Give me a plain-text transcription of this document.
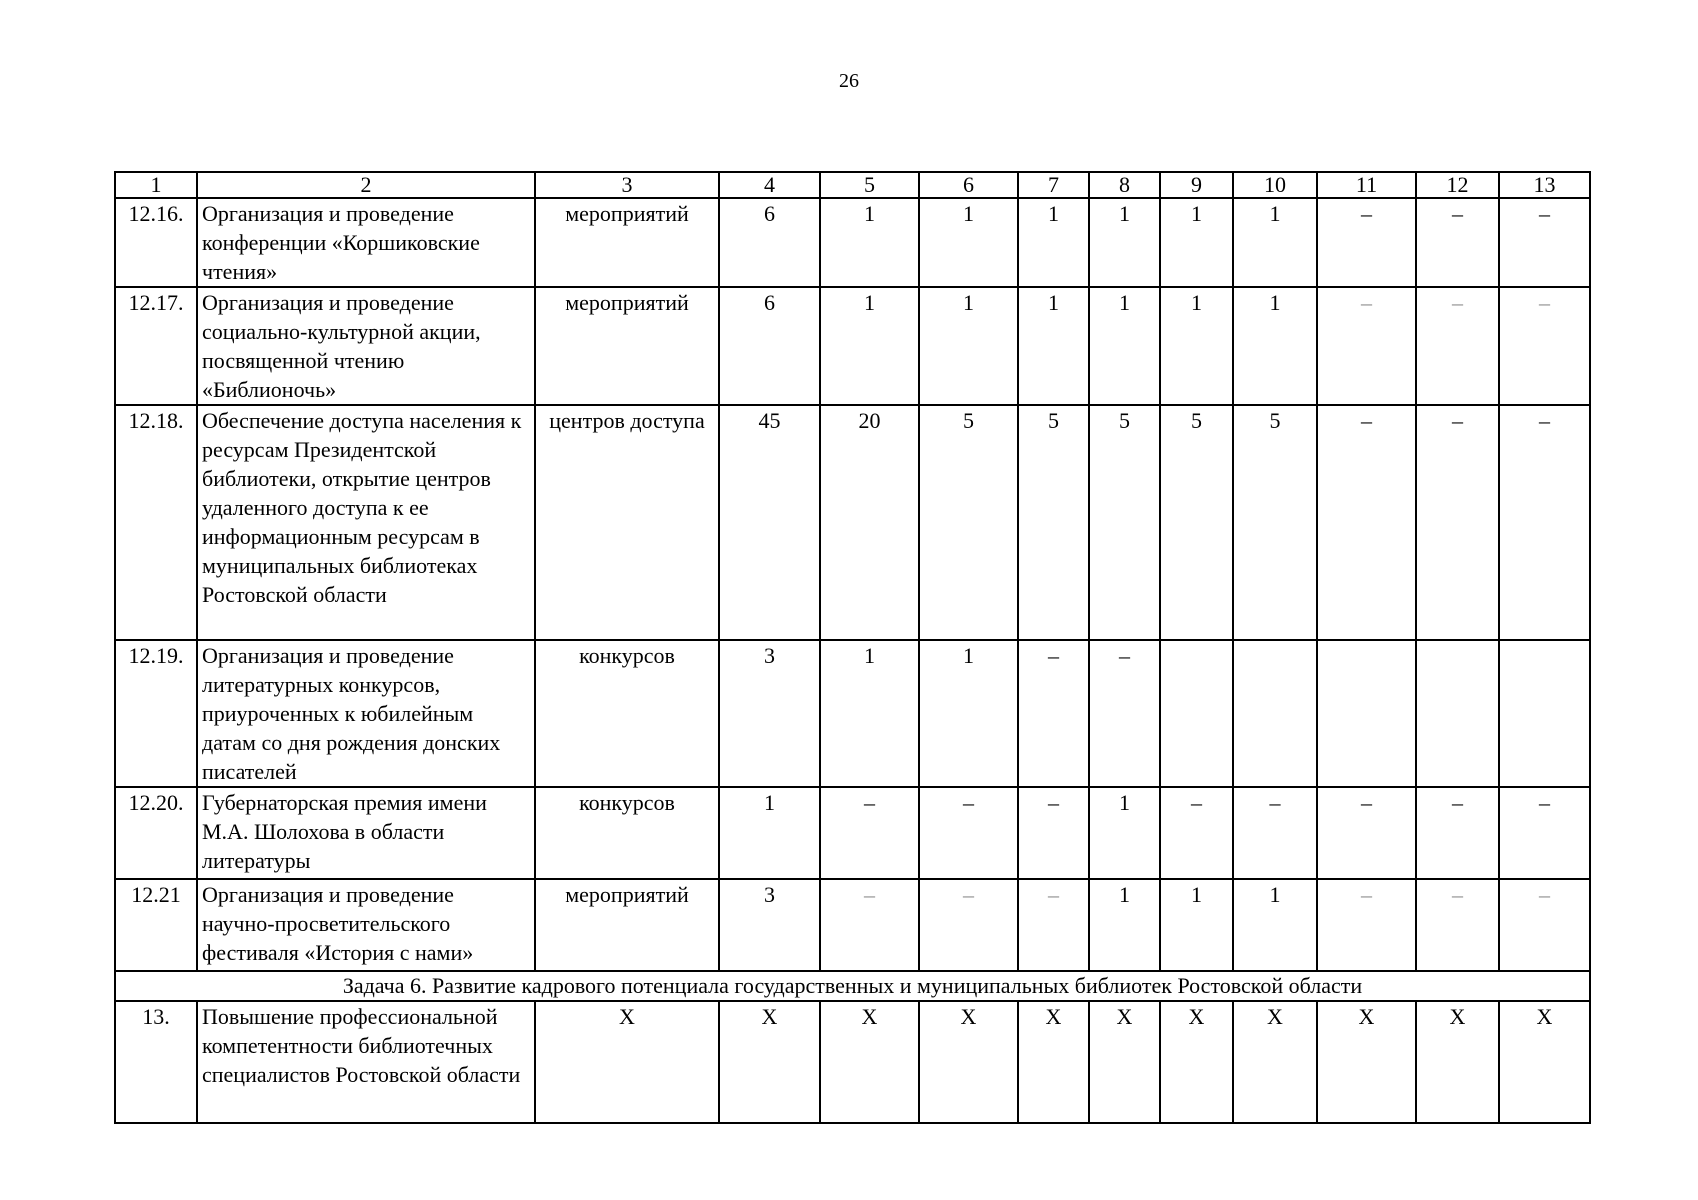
26
1	2	3	4	5	6	7	8	9	10	11	12	13
12.16.	Организация и проведение конференции «Коршиковские чтения»	мероприятий	6	1	1	1	1	1	1	–	–	–
12.17.	Организация и проведение социально-культурной акции, посвященной чтению «Библионочь»	мероприятий	6	1	1	1	1	1	1	–	–	–
12.18.	Обеспечение доступа населения к ресурсам Президентской библиотеки, открытие центров удаленного доступа к ее информационным ресурсам в муниципальных библиотеках Ростовской области	центров доступа	45	20	5	5	5	5	5	–	–	–
12.19.	Организация и проведение литературных конкурсов, приуроченных к юбилейным датам со дня рождения донских писателей	конкурсов	3	1	1	–	–					
12.20.	Губернаторская премия имени М.А. Шолохова в области литературы	конкурсов	1	–	–	–	1	–	–	–	–	–
12.21	Организация и проведение научно-просветительского фестиваля «История с нами»	мероприятий	3	–	–	–	1	1	1	–	–	–
Задача 6. Развитие кадрового потенциала государственных и муниципальных библиотек Ростовской области												
13.	Повышение профессиональной компетентности библиотечных специалистов Ростовской области	Х	Х	Х	Х	Х	Х	Х	Х	Х	Х	Х
